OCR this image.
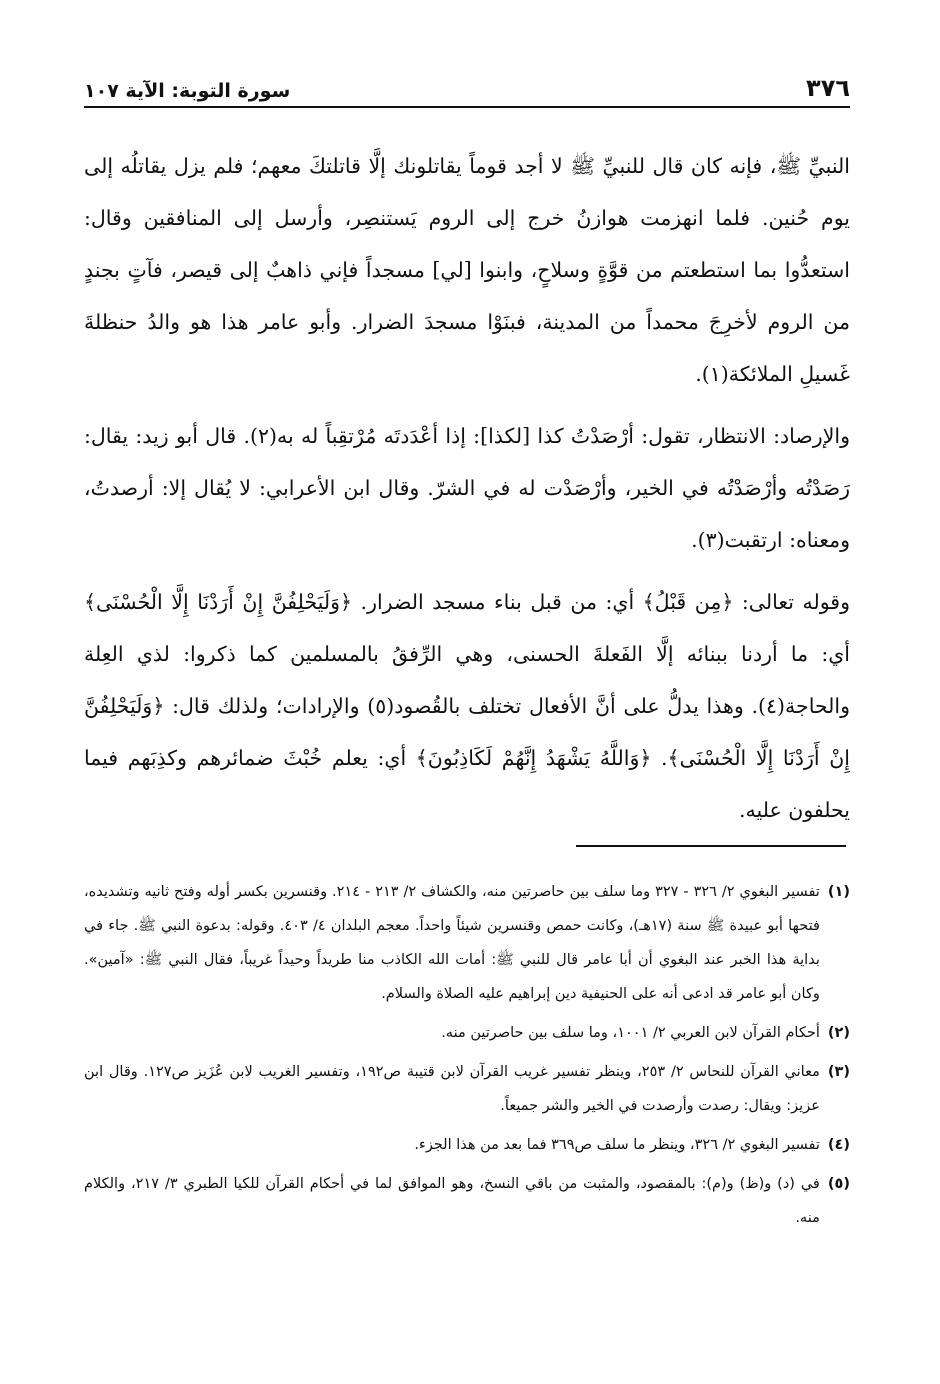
٣٧٦
سورة التوبة: الآية ١٠٧

النبيِّ ﷺ، فإنه كان قال للنبيِّ ﷺ لا أجد قوماً يقاتلونك إلَّا قاتلتكَ معهم؛ فلم يزل يقاتلُه إلى يوم حُنين. فلما انهزمت هوازنُ خرج إلى الروم يَستنصِر، وأرسل إلى المنافقين وقال: استعدُّوا بما استطعتم من قوَّةٍ وسلاحٍ، وابنوا [لي] مسجداً فإني ذاهبٌ إلى قيصر، فآتٍ بجندٍ من الروم لأخرِجَ محمداً من المدينة، فبنَوْا مسجدَ الضرار. وأبو عامر هذا هو والدُ حنظلةَ غَسيلِ الملائكة(١).

والإرصاد: الانتظار، تقول: أرْصَدْتُ كذا [لكذا]: إذا أعْدَدتَه مُرْتقِباً له به(٢). قال أبو زيد: يقال: رَصَدْتُه وأرْصَدْتُه في الخير، وأرْصَدْت له في الشرّ. وقال ابن الأعرابي: لا يُقال إلا: أرصدتُ، ومعناه: ارتقبت(٣).

وقوله تعالى: ﴿مِن قَبْلُ﴾ أي: من قبل بناء مسجد الضرار. ﴿وَلَيَحْلِفُنَّ إِنْ أَرَدْنَا إِلَّا الْحُسْنَى﴾ أي: ما أردنا ببنائه إلَّا الفَعلةَ الحسنى، وهي الرِّفقُ بالمسلمين كما ذكروا: لذي العِلة والحاجة(٤). وهذا يدلُّ على أنَّ الأفعال تختلف بالقُصود(٥) والإرادات؛ ولذلك قال: ﴿وَلَيَحْلِفُنَّ إِنْ أَرَدْنَا إِلَّا الْحُسْنَى﴾. ﴿وَاللَّهُ يَشْهَدُ إِنَّهُمْ لَكَاذِبُونَ﴾ أي: يعلم خُبْثَ ضمائرهم وكذِبَهم فيما يحلفون عليه.

(١)
تفسير البغوي ٢/ ٣٢٦ - ٣٢٧ وما سلف بين حاصرتين منه، والكشاف ٢/ ٢١٣ - ٢١٤. وقنسرين بكسر أوله وفتح ثانيه وتشديده، فتحها أبو عبيدة ﷺ سنة (١٧هـ)، وكانت حمص وقنسرين شيئاً واحداً. معجم البلدان ٤/ ٤٠٣. وقوله: بدعوة النبي ﷺ. جاء في بداية هذا الخبر عند البغوي أن أبا عامر قال للنبي ﷺ: أمات الله الكاذب منا طريداً وحيداً غريباً، فقال النبي ﷺ: «آمين». وكان أبو عامر قد ادعى أنه على الحنيفية دين إبراهيم عليه الصلاة والسلام.
(٢)
أحكام القرآن لابن العربي ٢/ ١٠٠١، وما سلف بين حاصرتين منه.
(٣)
معاني القرآن للنحاس ٢/ ٢٥٣، وينظر تفسير غريب القرآن لابن قتيبة ص١٩٢، وتفسير الغريب لابن عُزَيز ص١٢٧. وقال ابن عزيز: ويقال: رصدت وأرصدت في الخير والشر جميعاً.
(٤)
تفسير البغوي ٢/ ٣٢٦، وينظر ما سلف ص٣٦٩ فما بعد من هذا الجزء.
(٥)
في (د) و(ظ) و(م): بالمقصود، والمثبت من باقي النسخ، وهو الموافق لما في أحكام القرآن للكيا الطبري ٣/ ٢١٧، والكلام منه.
